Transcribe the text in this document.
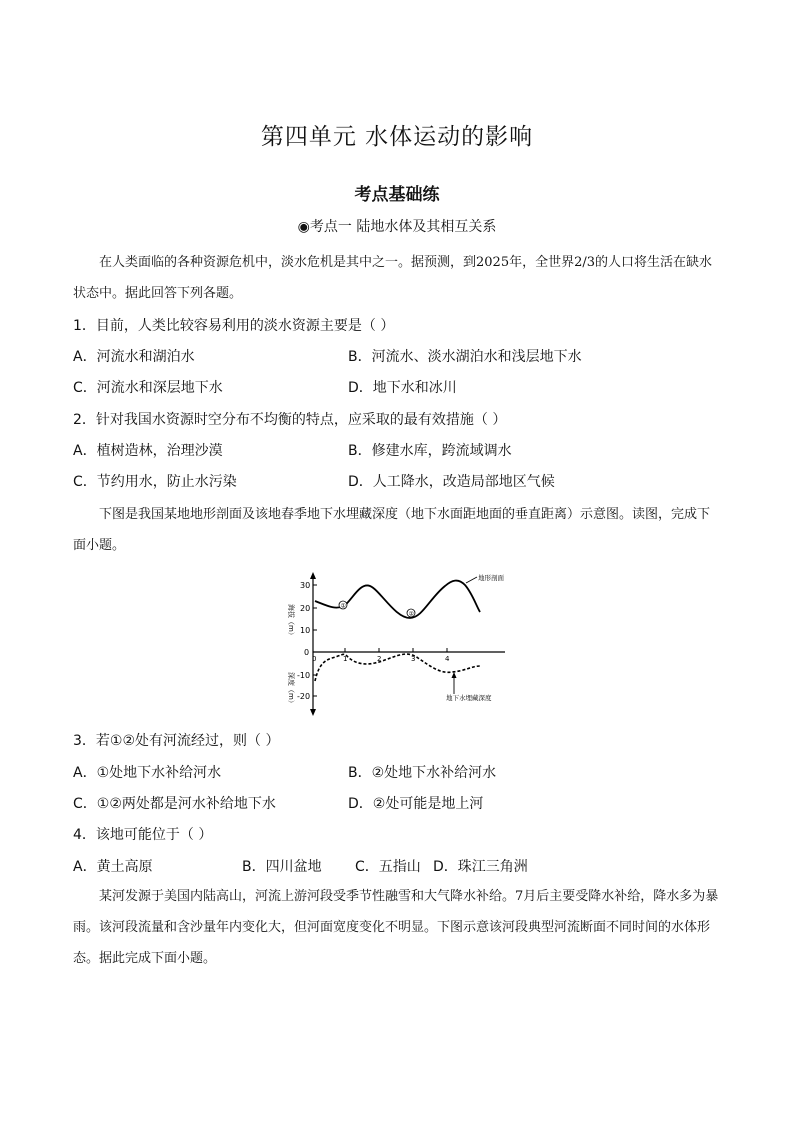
第四单元 水体运动的影响
考点基础练
◉考点一 陆地水体及其相互关系
在人类面临的各种资源危机中，淡水危机是其中之一。据预测，到2025年，全世界2/3的人口将生活在缺水状态中。据此回答下列各题。
1．目前，人类比较容易利用的淡水资源主要是（ ）
A．河流水和湖泊水	B．河流水、淡水湖泊水和浅层地下水
C．河流水和深层地下水	D．地下水和冰川
2．针对我国水资源时空分布不均衡的特点，应采取的最有效措施（ ）
A．植树造林，治理沙漠	B．修建水库，跨流域调水
C．节约用水，防止水污染	D．人工降水，改造局部地区气候
下图是我国某地地形剖面及该地春季地下水埋藏深度（地下水面距地面的垂直距离）示意图。读图，完成下面小题。
30
20
10
0
-10
-20
0	1	2	3	4
海拔（m）
深度（m）
①
②
地形剖面
地下水埋藏深度
3．若①②处有河流经过，则（ ）
A．①处地下水补给河水	B．②处地下水补给河水
C．①②两处都是河水补给地下水	D．②处可能是地上河
4．该地可能位于（ ）
A．黄土高原	B．四川盆地 C．五指山 D．珠江三角洲
某河发源于美国内陆高山，河流上游河段受季节性融雪和大气降水补给。7月后主要受降水补给，降水多为暴雨。该河段流量和含沙量年内变化大，但河面宽度变化不明显。下图示意该河段典型河流断面不同时间的水体形态。据此完成下面小题。
